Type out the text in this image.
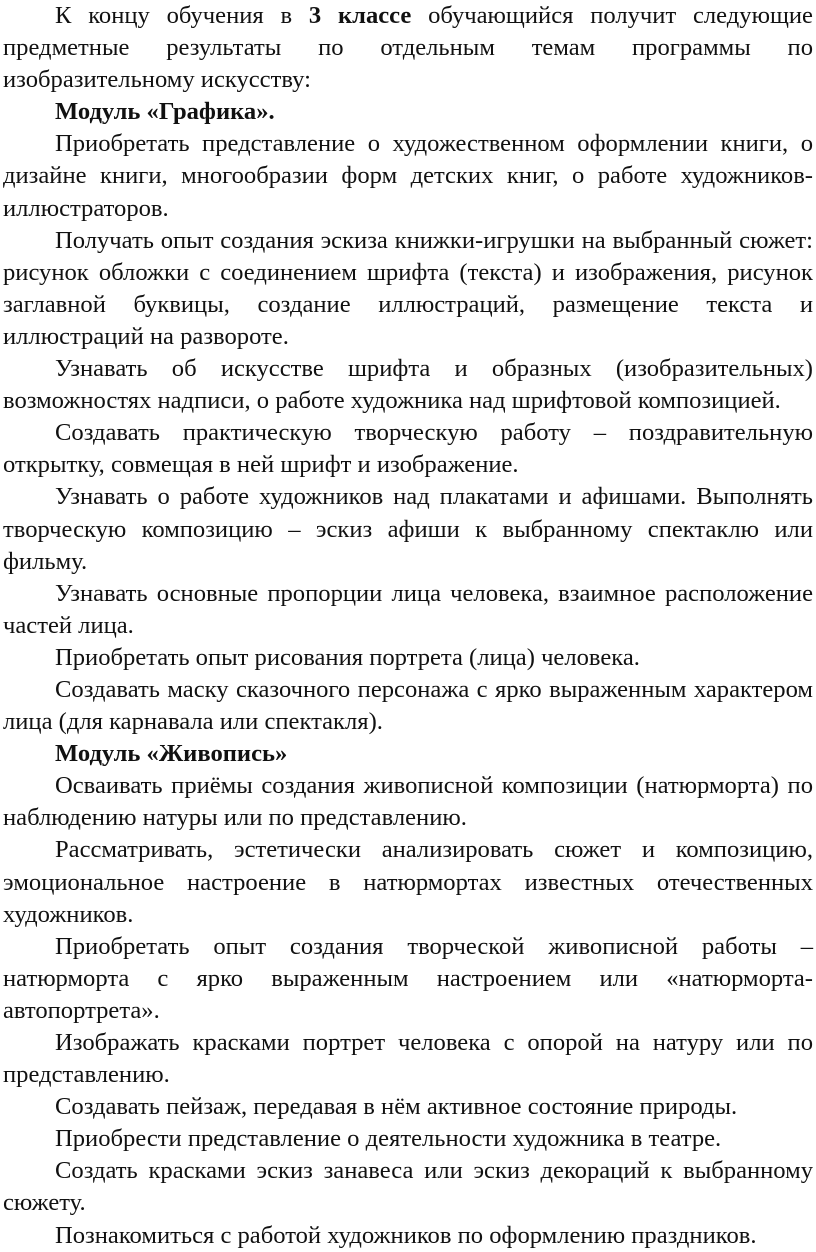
К концу обучения в 3 классе обучающийся получит следующие предметные результаты по отдельным темам программы по изобразительному искусству:

Модуль «Графика».

Приобретать представление о художественном оформлении книги, о дизайне книги, многообразии форм детских книг, о работе художников-иллюстраторов.

Получать опыт создания эскиза книжки-игрушки на выбранный сюжет: рисунок обложки с соединением шрифта (текста) и изображения, рисунок заглавной буквицы, создание иллюстраций, размещение текста и иллюстраций на развороте.

Узнавать об искусстве шрифта и образных (изобразительных) возможностях надписи, о работе художника над шрифтовой композицией.

Создавать практическую творческую работу – поздравительную открытку, совмещая в ней шрифт и изображение.

Узнавать о работе художников над плакатами и афишами. Выполнять творческую композицию – эскиз афиши к выбранному спектаклю или фильму.

Узнавать основные пропорции лица человека, взаимное расположение частей лица.

Приобретать опыт рисования портрета (лица) человека.

Создавать маску сказочного персонажа с ярко выраженным характером лица (для карнавала или спектакля).

Модуль «Живопись»

Осваивать приёмы создания живописной композиции (натюрморта) по наблюдению натуры или по представлению.

Рассматривать, эстетически анализировать сюжет и композицию, эмоциональное настроение в натюрмортах известных отечественных художников.

Приобретать опыт создания творческой живописной работы – натюрморта с ярко выраженным настроением или «натюрморта-автопортрета».

Изображать красками портрет человека с опорой на натуру или по представлению.

Создавать пейзаж, передавая в нём активное состояние природы.

Приобрести представление о деятельности художника в театре.

Создать красками эскиз занавеса или эскиз декораций к выбранному сюжету.

Познакомиться с работой художников по оформлению праздников.
